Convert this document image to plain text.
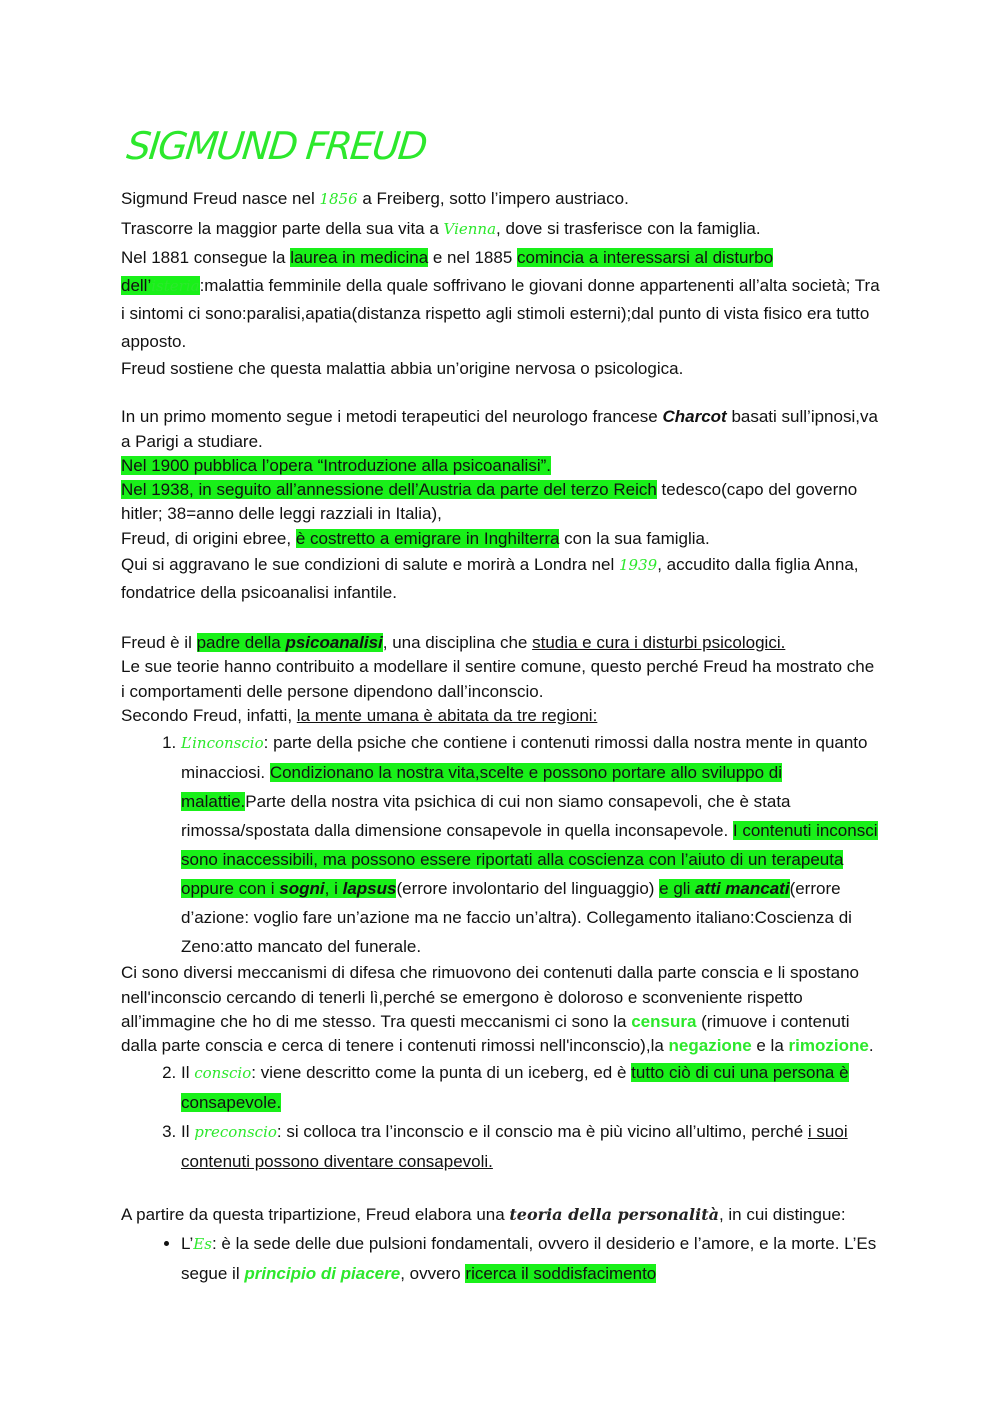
SIGMUND FREUD

Sigmund Freud nasce nel 1856 a Freiberg, sotto l’impero austriaco.

Trascorre la maggior parte della sua vita a Vienna, dove si trasferisce con la famiglia.

Nel 1881 consegue la laurea in medicina e nel 1885 comincia a interessarsi al disturbo dell’isteria:malattia femminile della quale soffrivano le giovani donne appartenenti all’alta società; Tra i sintomi ci sono:paralisi,apatia(distanza rispetto agli stimoli esterni);dal punto di vista fisico era tutto apposto.

Freud sostiene che questa malattia abbia un’origine nervosa o psicologica.

In un primo momento segue i metodi terapeutici del neurologo francese Charcot basati sull’ipnosi,va a Parigi a studiare.

Nel 1900 pubblica l’opera “Introduzione alla psicoanalisi”.

Nel 1938, in seguito all’annessione dell’Austria da parte del terzo Reich tedesco(capo del governo hitler; 38=anno delle leggi razziali in Italia),

Freud, di origini ebree, è costretto a emigrare in Inghilterra con la sua famiglia.

Qui si aggravano le sue condizioni di salute e morirà a Londra nel 1939, accudito dalla figlia Anna, fondatrice della psicoanalisi infantile.

Freud è il padre della psicoanalisi, una disciplina che studia e cura i disturbi psicologici.

Le sue teorie hanno contribuito a modellare il sentire comune, questo perché Freud ha mostrato che i comportamenti delle persone dipendono dall’inconscio.

Secondo Freud, infatti, la mente umana è abitata da tre regioni:

1. L’inconscio: parte della psiche che contiene i contenuti rimossi dalla nostra mente in quanto minacciosi. Condizionano la nostra vita,scelte e possono portare allo sviluppo di malattie.Parte della nostra vita psichica di cui non siamo consapevoli, che è stata rimossa/spostata dalla dimensione consapevole in quella inconsapevole. I contenuti inconsci sono inaccessibili, ma possono essere riportati alla coscienza con l’aiuto di un terapeuta oppure con i sogni, i lapsus(errore involontario del linguaggio) e gli atti mancati(errore d’azione: voglio fare un’azione ma ne faccio un’altra). Collegamento italiano:Coscienza di Zeno:atto mancato del funerale.

Ci sono diversi meccanismi di difesa che rimuovono dei contenuti dalla parte conscia e li spostano nell'inconscio cercando di tenerli lì,perché se emergono è doloroso e sconveniente rispetto all’immagine che ho di me stesso. Tra questi meccanismi ci sono la censura (rimuove i contenuti dalla parte conscia e cerca di tenere i contenuti rimossi nell'inconscio),la negazione e la rimozione.

2. Il conscio: viene descritto come la punta di un iceberg, ed è tutto ciò di cui una persona è consapevole.
3. Il preconscio: si colloca tra l’inconscio e il conscio ma è più vicino all’ultimo, perché i suoi contenuti possono diventare consapevoli.

A partire da questa tripartizione, Freud elabora una teoria della personalità, in cui distingue:

• L’Es: è la sede delle due pulsioni fondamentali, ovvero il desiderio e l’amore, e la morte. L’Es segue il principio di piacere, ovvero ricerca il soddisfacimento
